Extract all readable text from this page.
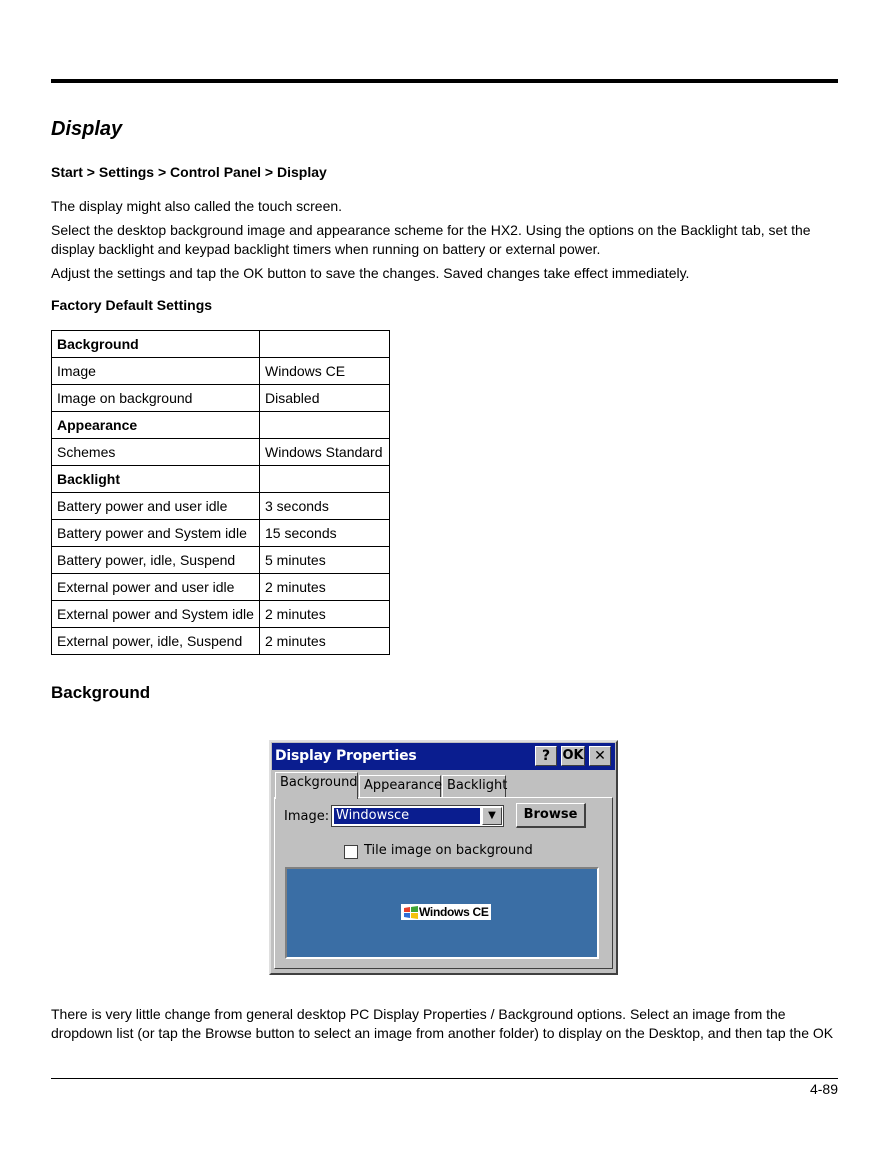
Display
Start > Settings > Control Panel > Display

The display might also called the touch screen.

Select the desktop background image and appearance scheme for the HX2. Using the options on the Backlight tab, set the display backlight and keypad backlight timers when running on battery or external power.

Adjust the settings and tap the OK button to save the changes. Saved changes take effect immediately.

Factory Default Settings
Background	
Image	Windows CE
Image on background	Disabled
Appearance	
Schemes	Windows Standard
Backlight	
Battery power and user idle	3 seconds
Battery power and System idle	15 seconds
Battery power, idle, Suspend	5 minutes
External power and user idle	2 minutes
External power and System idle	2 minutes
External power, idle, Suspend	2 minutes
Background
Display Properties	? OK ✕
Background Appearance Backlight
Image: Windowsce	▼	Browse
Tile image on background
Windows CE

There is very little change from general desktop PC Display Properties / Background options. Select an image from the dropdown list (or tap the Browse button to select an image from another folder) to display on the Desktop, and then tap the OK

4-89
